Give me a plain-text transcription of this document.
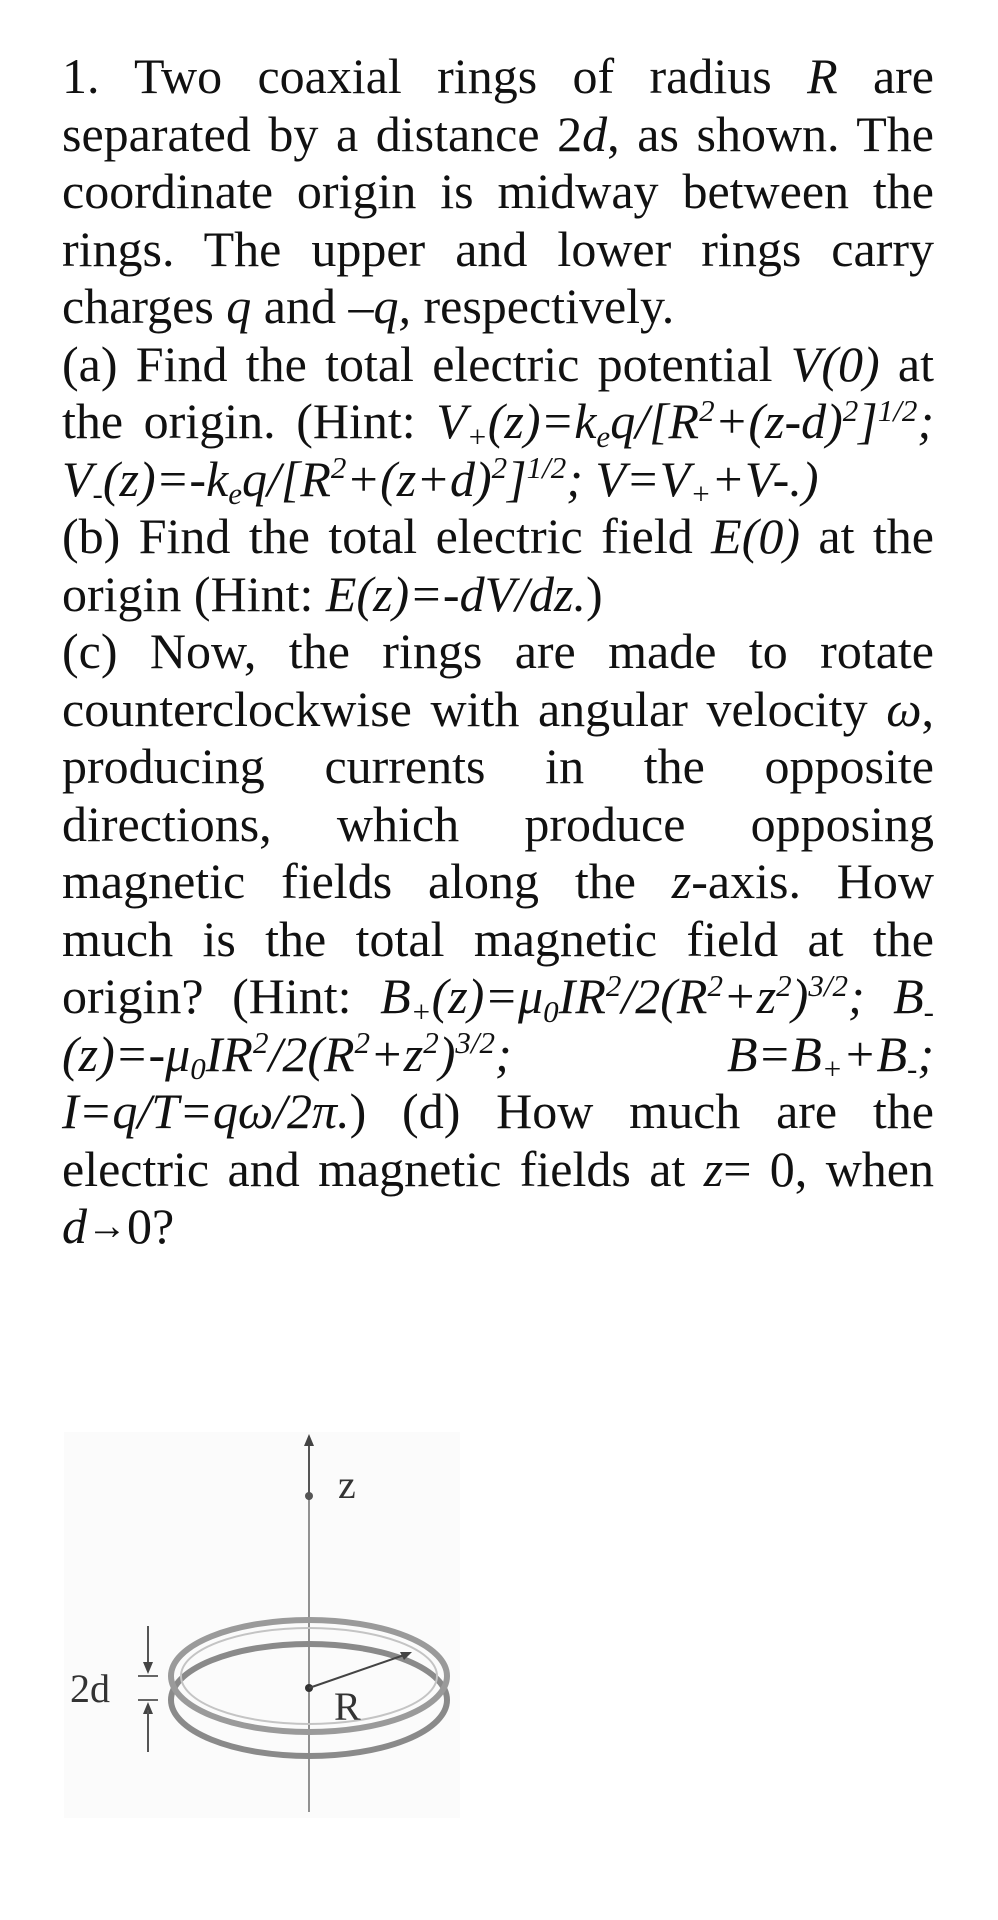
1. Two coaxial rings of radius R are separated by a distance 2d, as shown. The coordinate origin is midway between the rings. The upper and lower rings carry charges q and –q, respectively.

(a) Find the total electric potential V(0) at the origin. (Hint: $V_+(z)=k_eq/[R^2+(z-d)^2]^{1/2}$; $V_-(z)=-k_eq/[R^2+(z+d)^2]^{1/2}$; $V=V_++V-$.)

(b) Find the total electric field E(0) at the origin (Hint: E(z)=-dV/dz.)

(c) Now, the rings are made to rotate counterclockwise with angular velocity ω, producing currents in the opposite directions, which produce opposing magnetic fields along the z-axis. How much is the total magnetic field at the origin? (Hint: $B_+(z)=\mu_0IR^2/2(R^2+z^2)^{3/2}$; $B_-(z)=-\mu_0IR^2/2(R^2+z^2)^{3/2}$; $B=B_++B_-$; I=q/T=qω/2π.) (d) How much are the electric and magnetic fields at z= 0, when d→0?

z
R
2d
